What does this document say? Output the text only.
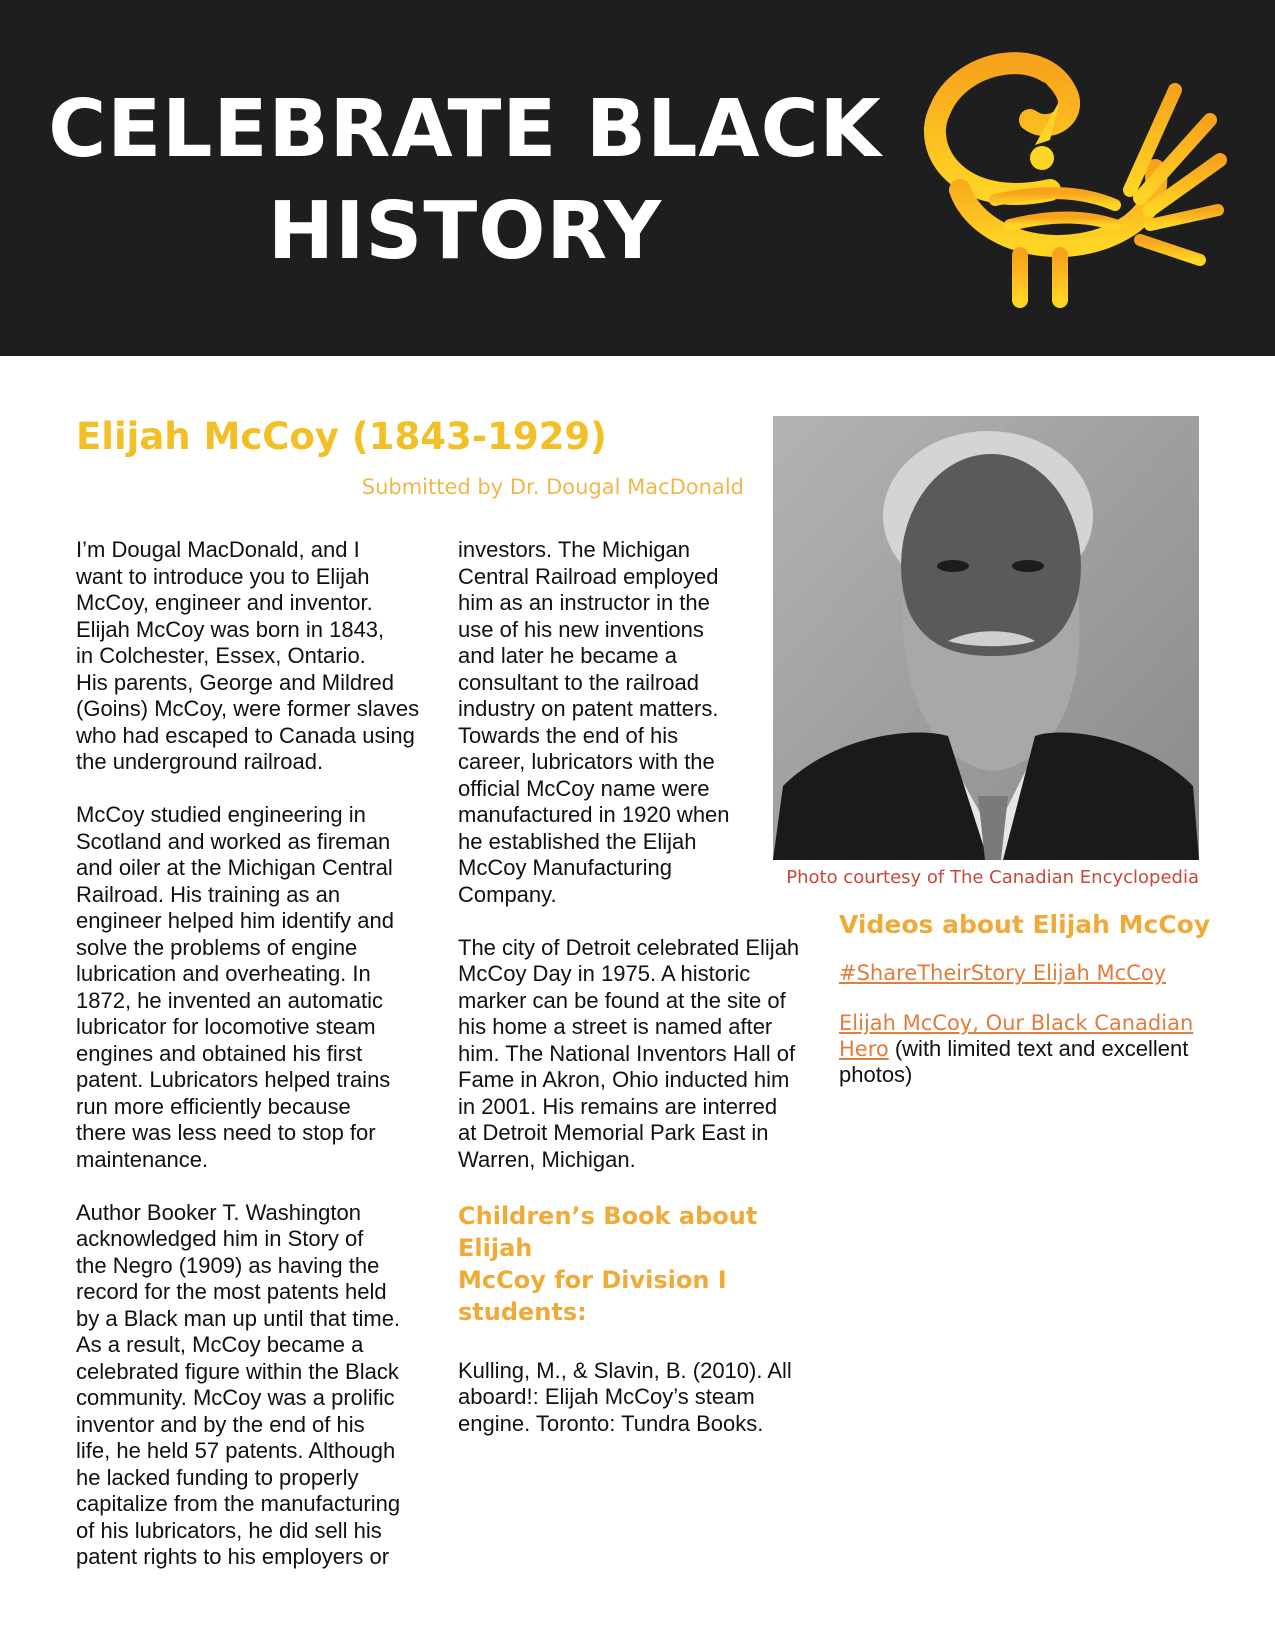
CELEBRATE BLACK
HISTORY
Elijah McCoy (1843-1929)

Submitted by Dr. Dougal MacDonald

I’m Dougal MacDonald, and I
want to introduce you to Elijah
McCoy, engineer and inventor.
Elijah McCoy was born in 1843,
in Colchester, Essex, Ontario.
His parents, George and Mildred
(Goins) McCoy, were former slaves
who had escaped to Canada using
the underground railroad.

McCoy studied engineering in
Scotland and worked as fireman
and oiler at the Michigan Central
Railroad. His training as an
engineer helped him identify and
solve the problems of engine
lubrication and overheating. In
1872, he invented an automatic
lubricator for locomotive steam
engines and obtained his first
patent. Lubricators helped trains
run more efficiently because
there was less need to stop for
maintenance.

Author Booker T. Washington
acknowledged him in Story of
the Negro (1909) as having the
record for the most patents held
by a Black man up until that time.
As a result, McCoy became a
celebrated figure within the Black
community. McCoy was a prolific
inventor and by the end of his
life, he held 57 patents. Although
he lacked funding to properly
capitalize from the manufacturing
of his lubricators, he did sell his
patent rights to his employers or

investors. The Michigan
Central Railroad employed
him as an instructor in the
use of his new inventions
and later he became a
consultant to the railroad
industry on patent matters.
Towards the end of his
career, lubricators with the
official McCoy name were
manufactured in 1920 when
he established the Elijah
McCoy Manufacturing
Company.

The city of Detroit celebrated Elijah
McCoy Day in 1975. A historic
marker can be found at the site of
his home a street is named after
him. The National Inventors Hall of
Fame in Akron, Ohio inducted him
in 2001. His remains are interred
at Detroit Memorial Park East in
Warren, Michigan.

Children’s Book about Elijah
McCoy for Division I
students:

Kulling, M., & Slavin, B. (2010). All
aboard!: Elijah McCoy’s steam
engine. Toronto: Tundra Books.

Photo courtesy of The Canadian Encyclopedia

Videos about Elijah McCoy

#ShareTheirStory Elijah McCoy

Elijah McCoy, Our Black Canadian Hero (with limited text and excellent photos)
